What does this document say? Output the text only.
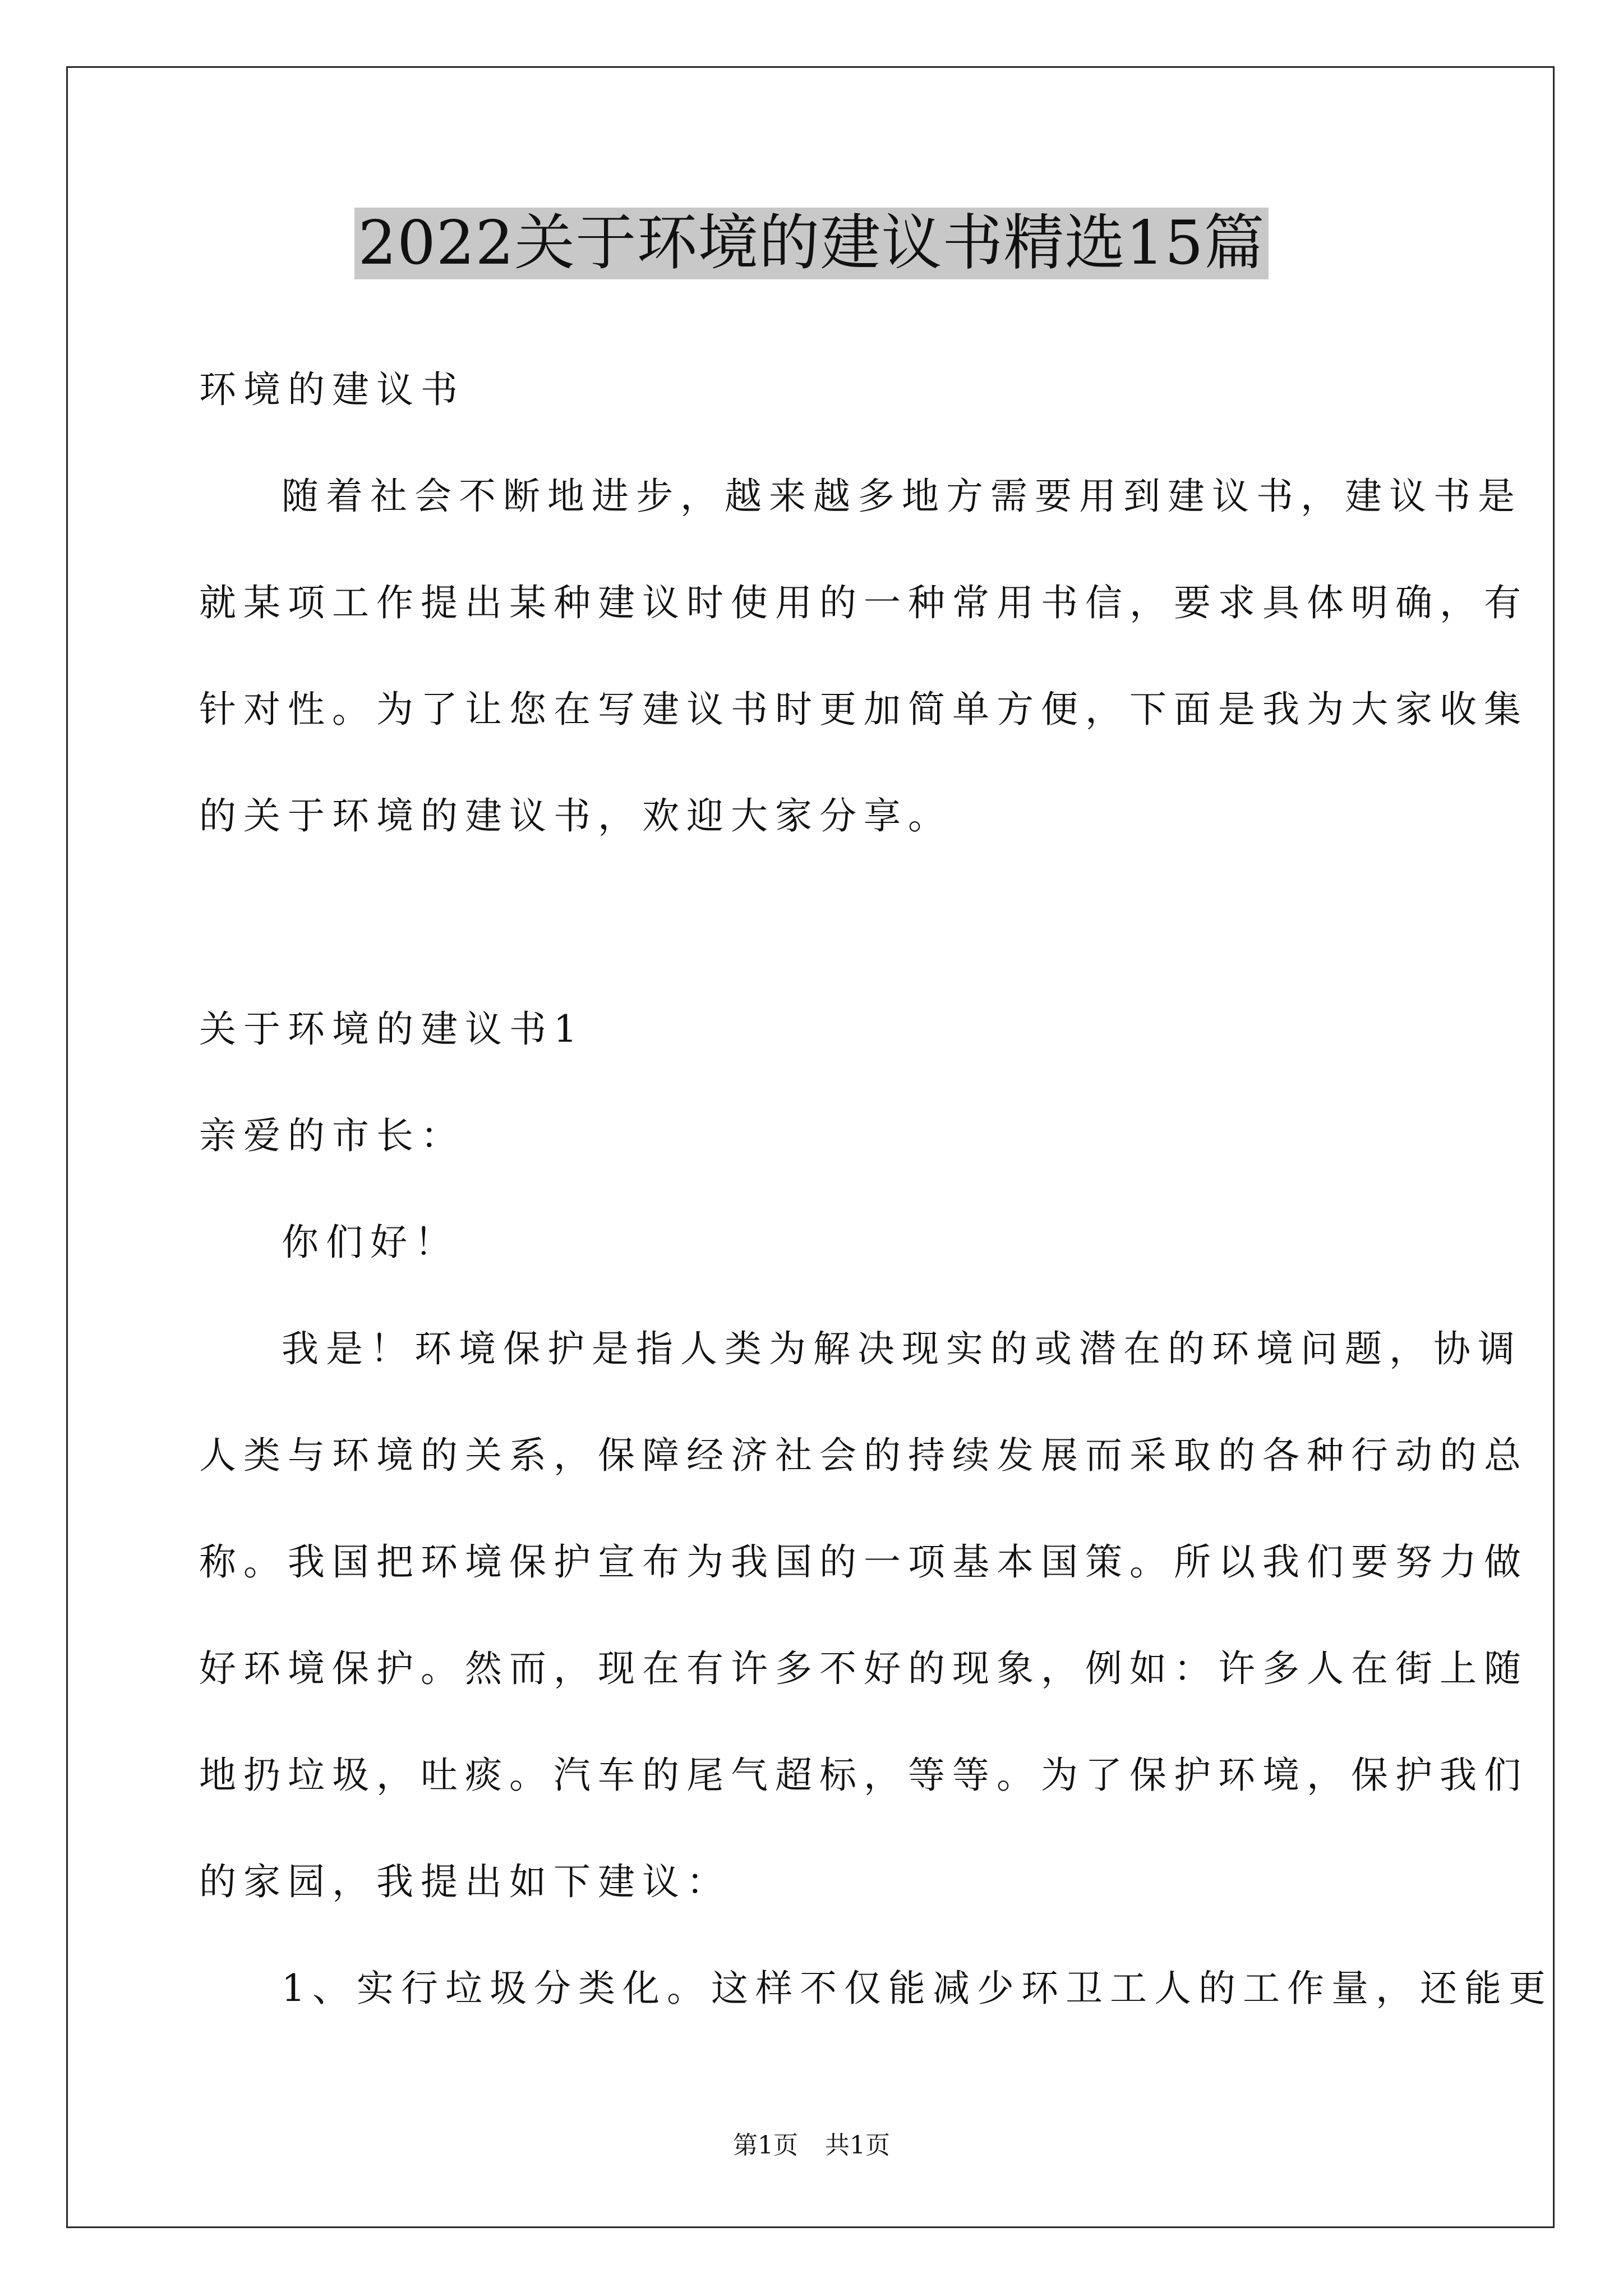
2022关于环境的建议书精选15篇
环境的建议书
随着社会不断地进步，越来越多地方需要用到建议书，建议书是
就某项工作提出某种建议时使用的一种常用书信，要求具体明确，有
针对性。为了让您在写建议书时更加简单方便，下面是我为大家收集
的关于环境的建议书，欢迎大家分享。
关于环境的建议书1
亲爱的市长：
你们好！
我是！环境保护是指人类为解决现实的或潜在的环境问题，协调
人类与环境的关系，保障经济社会的持续发展而采取的各种行动的总
称。我国把环境保护宣布为我国的一项基本国策。所以我们要努力做
好环境保护。然而，现在有许多不好的现象，例如：许多人在街上随
地扔垃圾，吐痰。汽车的尾气超标，等等。为了保护环境，保护我们
的家园，我提出如下建议：
1、实行垃圾分类化。这样不仅能减少环卫工人的工作量，还能更
第1页 共1页
